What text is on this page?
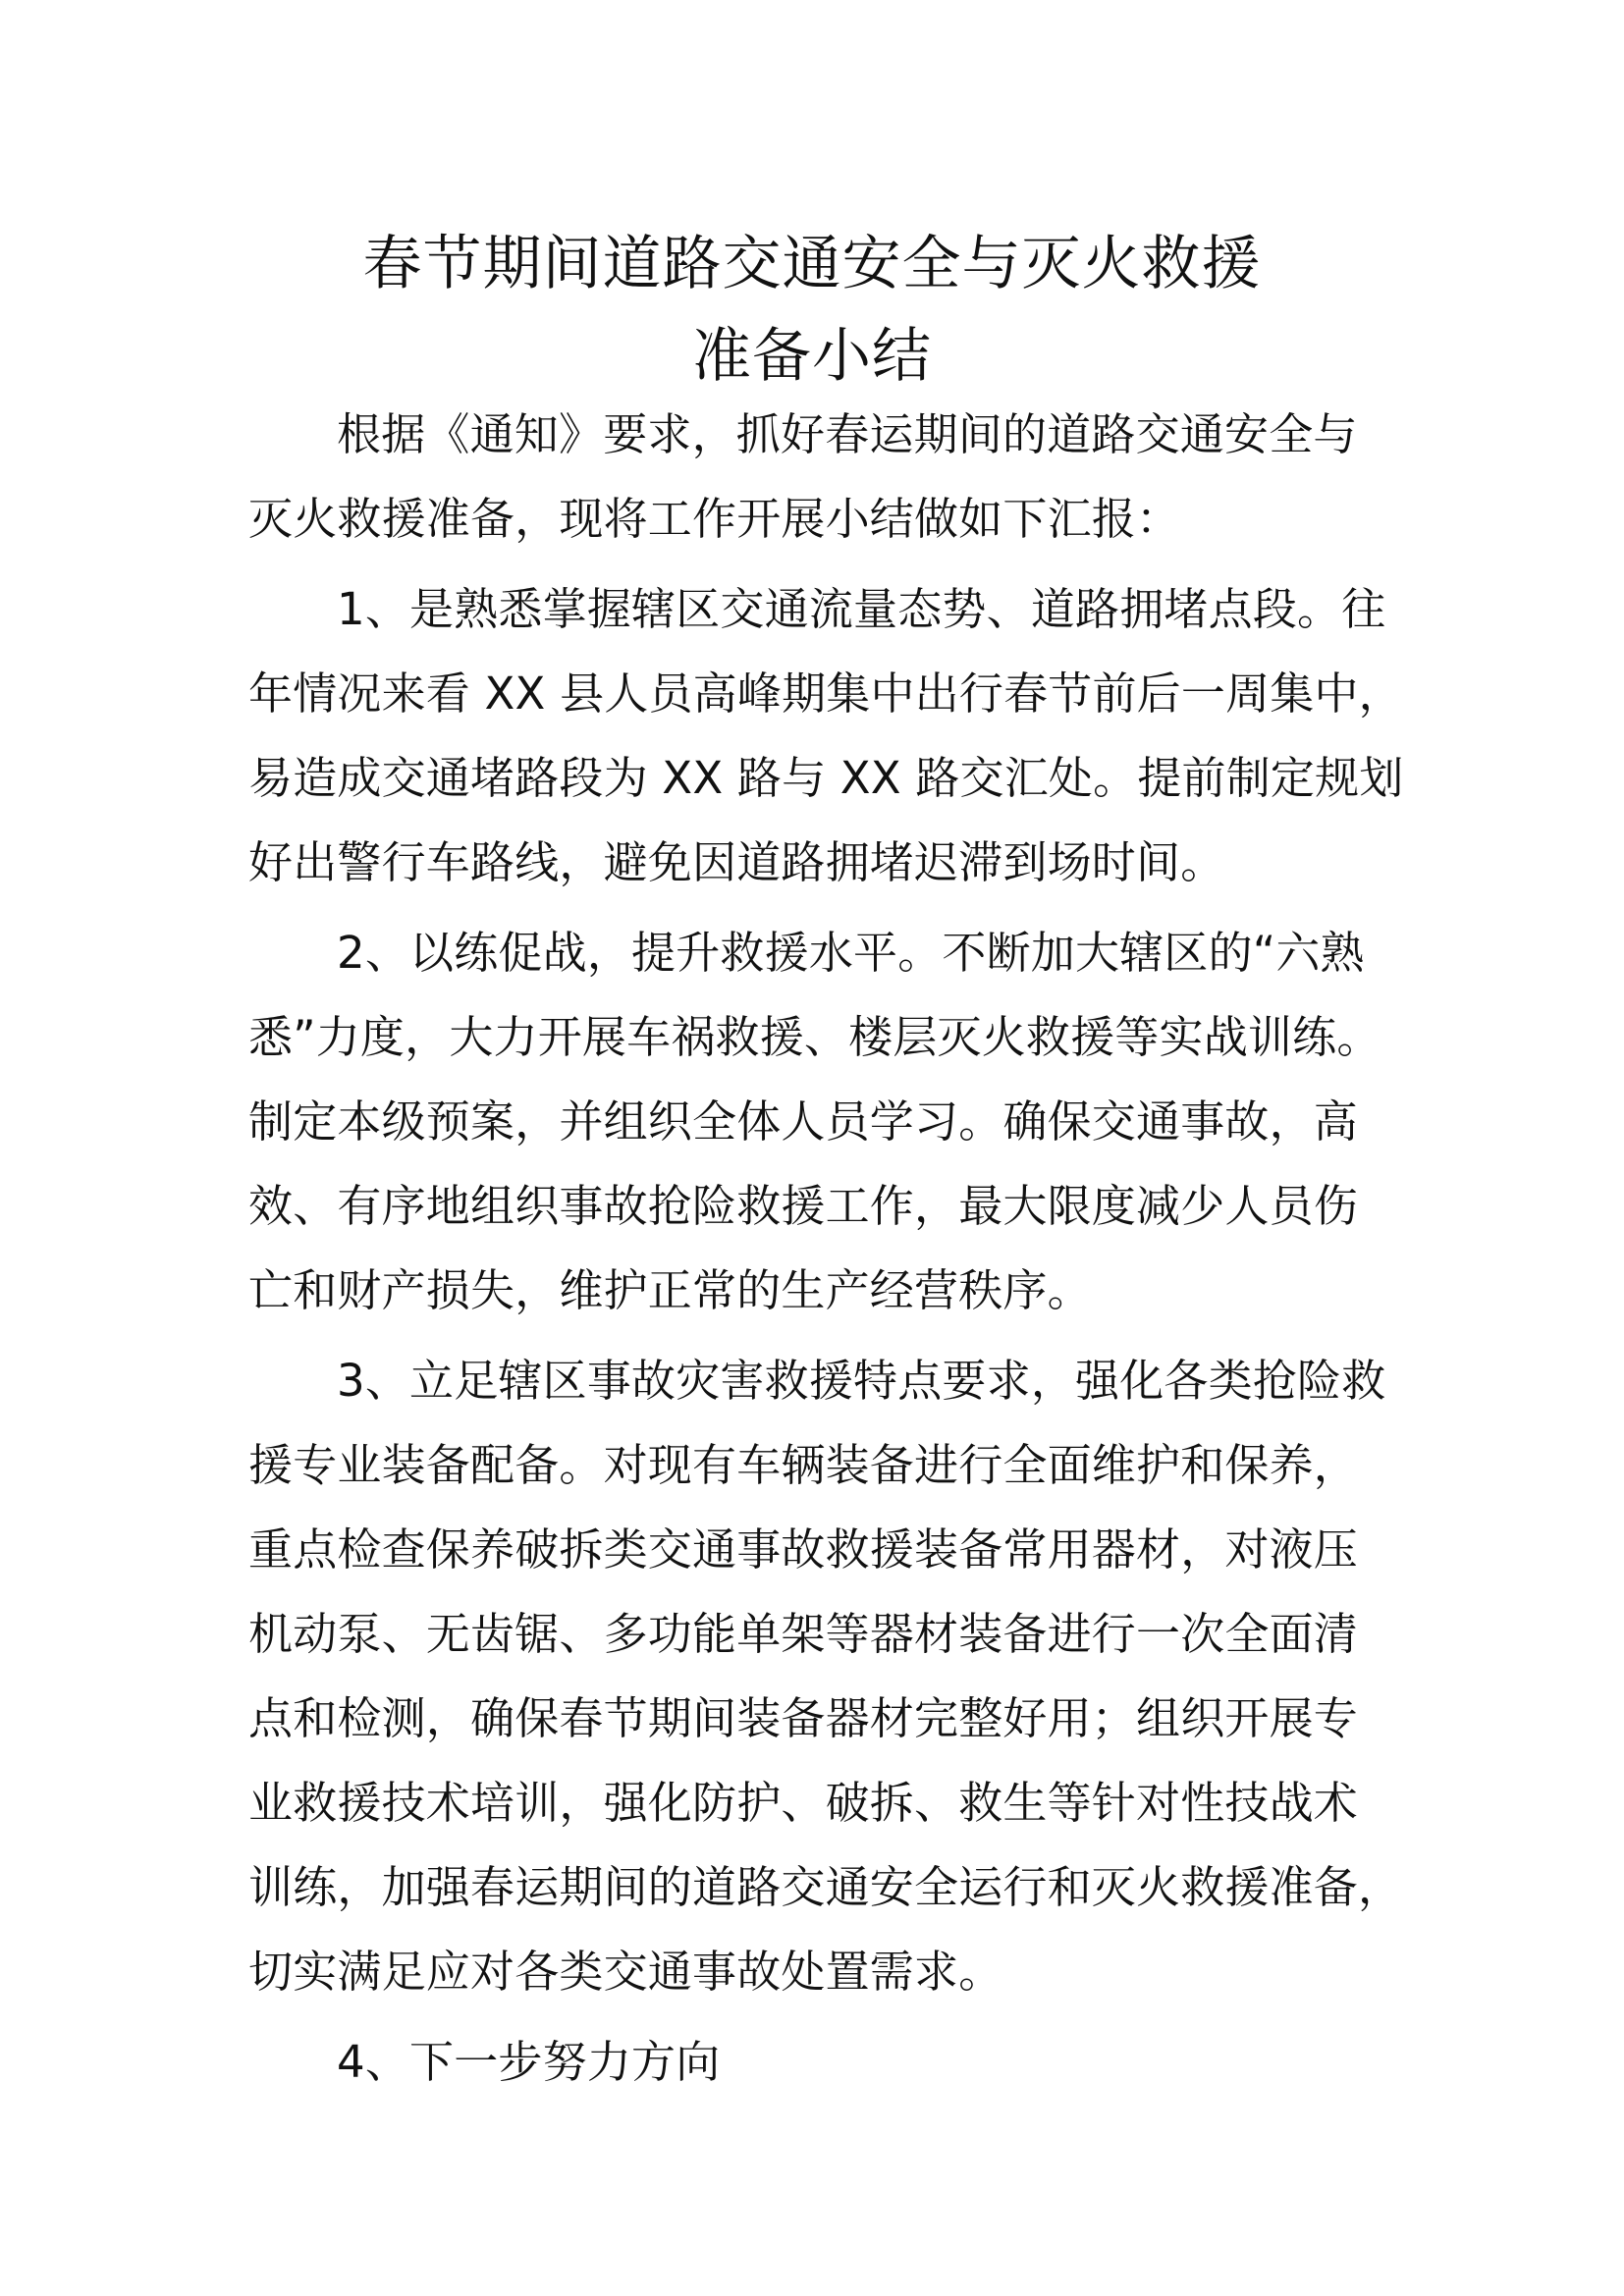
春节期间道路交通安全与灭火救援
准备小结
根据《通知》要求，抓好春运期间的道路交通安全与
灭火救援准备，现将工作开展小结做如下汇报：
1、是熟悉掌握辖区交通流量态势、道路拥堵点段。往
年情况来看 XX 县人员高峰期集中出行春节前后一周集中，
易造成交通堵路段为 XX 路与 XX 路交汇处。提前制定规划
好出警行车路线，避免因道路拥堵迟滞到场时间。
2、以练促战，提升救援水平。不断加大辖区的“六熟
悉”力度，大力开展车祸救援、楼层灭火救援等实战训练。
制定本级预案，并组织全体人员学习。确保交通事故，高
效、有序地组织事故抢险救援工作，最大限度减少人员伤
亡和财产损失，维护正常的生产经营秩序。
3、立足辖区事故灾害救援特点要求，强化各类抢险救
援专业装备配备。对现有车辆装备进行全面维护和保养，
重点检查保养破拆类交通事故救援装备常用器材，对液压
机动泵、无齿锯、多功能单架等器材装备进行一次全面清
点和检测，确保春节期间装备器材完整好用；组织开展专
业救援技术培训，强化防护、破拆、救生等针对性技战术
训练，加强春运期间的道路交通安全运行和灭火救援准备，
切实满足应对各类交通事故处置需求。
4、下一步努力方向
